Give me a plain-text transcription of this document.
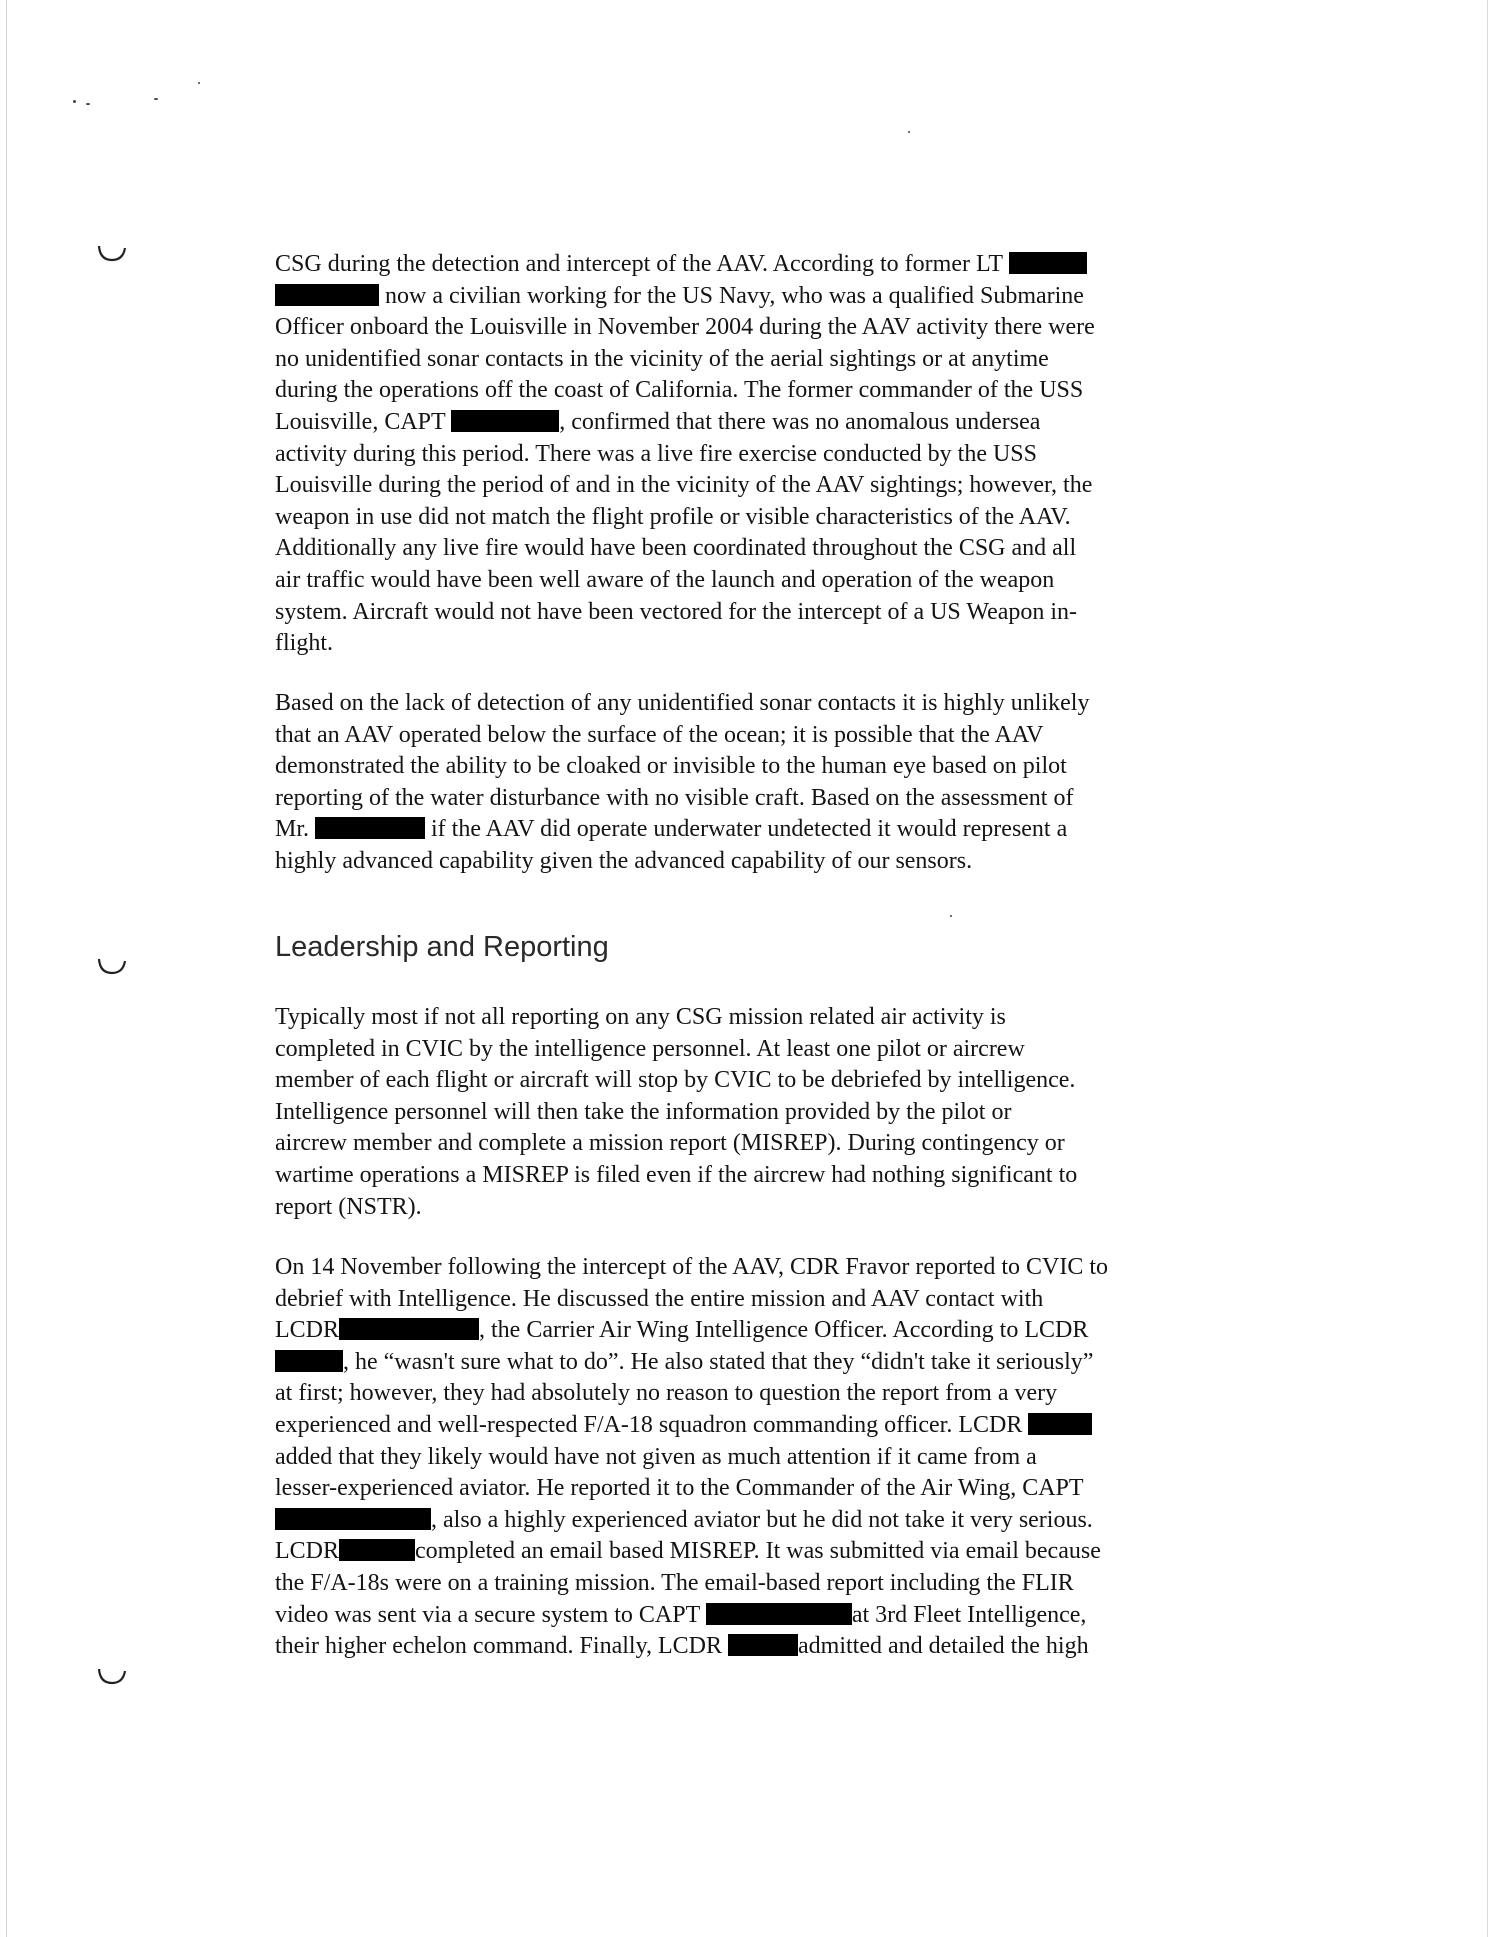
CSG during the detection and intercept of the AAV. According to former LT
now a civilian working for the US Navy, who was a qualified Submarine
Officer onboard the Louisville in November 2004 during the AAV activity there were
no unidentified sonar contacts in the vicinity of the aerial sightings or at anytime
during the operations off the coast of California. The former commander of the USS
Louisville, CAPT	, confirmed that there was no anomalous undersea
activity during this period. There was a live fire exercise conducted by the USS
Louisville during the period of and in the vicinity of the AAV sightings; however, the
weapon in use did not match the flight profile or visible characteristics of the AAV.
Additionally any live fire would have been coordinated throughout the CSG and all
air traffic would have been well aware of the launch and operation of the weapon
system. Aircraft would not have been vectored for the intercept of a US Weapon in-
flight.
Based on the lack of detection of any unidentified sonar contacts it is highly unlikely
that an AAV operated below the surface of the ocean; it is possible that the AAV
demonstrated the ability to be cloaked or invisible to the human eye based on pilot
reporting of the water disturbance with no visible craft. Based on the assessment of
Mr.	if the AAV did operate underwater undetected it would represent a
highly advanced capability given the advanced capability of our sensors.
Leadership and Reporting
Typically most if not all reporting on any CSG mission related air activity is
completed in CVIC by the intelligence personnel. At least one pilot or aircrew
member of each flight or aircraft will stop by CVIC to be debriefed by intelligence.
Intelligence personnel will then take the information provided by the pilot or
aircrew member and complete a mission report (MISREP). During contingency or
wartime operations a MISREP is filed even if the aircrew had nothing significant to
report (NSTR).
On 14 November following the intercept of the AAV, CDR Fravor reported to CVIC to
debrief with Intelligence. He discussed the entire mission and AAV contact with
LCDR	, the Carrier Air Wing Intelligence Officer. According to LCDR
, he “wasn't sure what to do”. He also stated that they “didn't take it seriously”
at first; however, they had absolutely no reason to question the report from a very
experienced and well-respected F/A-18 squadron commanding officer. LCDR
added that they likely would have not given as much attention if it came from a
lesser-experienced aviator. He reported it to the Commander of the Air Wing, CAPT
, also a highly experienced aviator but he did not take it very serious.
LCDR	completed an email based MISREP. It was submitted via email because
the F/A-18s were on a training mission. The email-based report including the FLIR
video was sent via a secure system to CAPT	at 3rd Fleet Intelligence,
their higher echelon command. Finally, LCDR	admitted and detailed the high
